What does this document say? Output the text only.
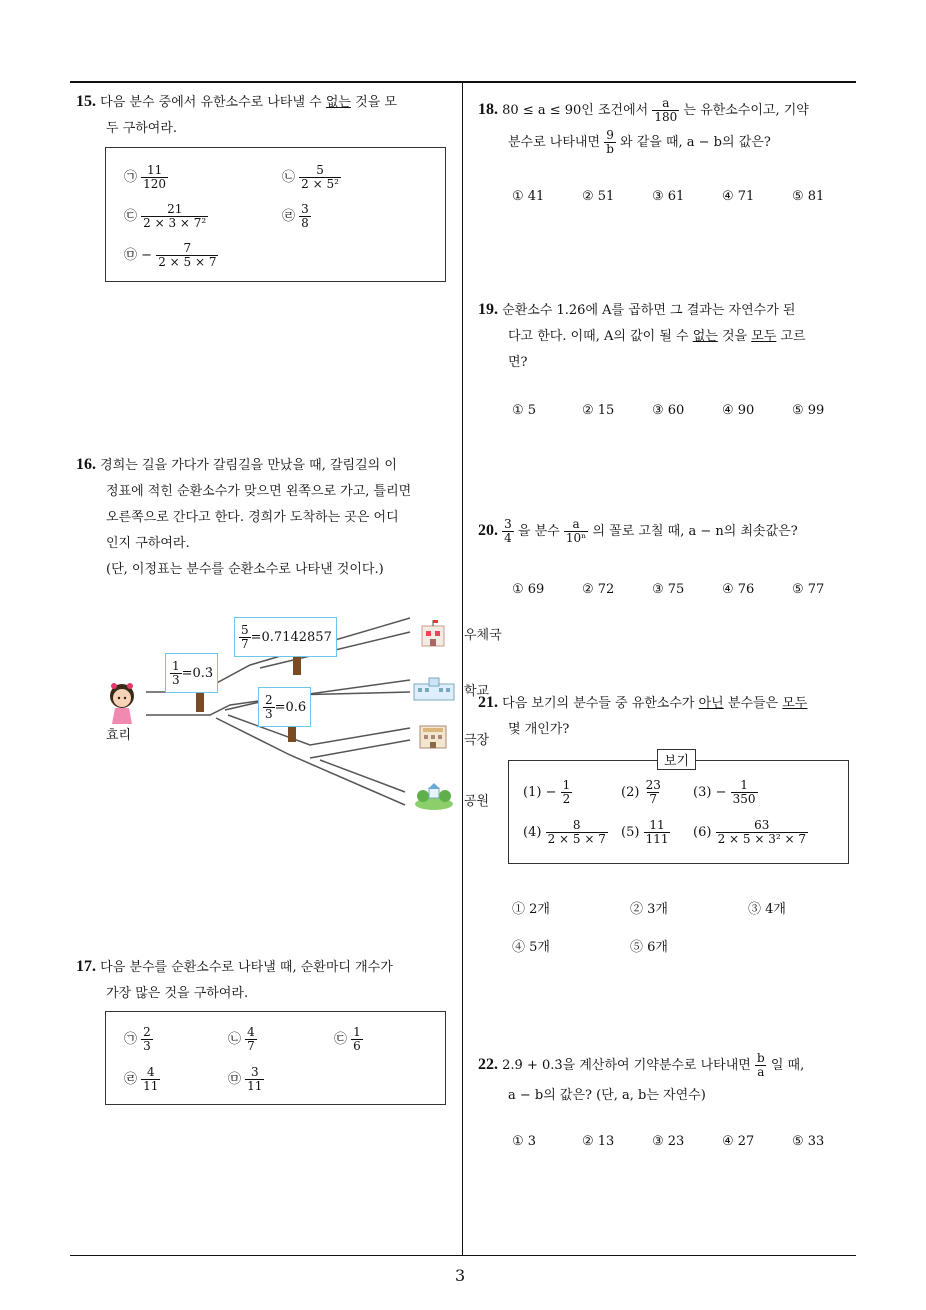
3
15. 다음 분수 중에서 유한소수로 나타낼 수 없는 것을 모
두 구하여라.
㉠ $\frac{11}{120}$	㉡ $\frac{5}{\text{2 × 5²}}$
㉢ $\frac{21}{\text{2 × 3 × 7²}}$	㉣ $\frac{3}{8}$
㉤ − $\frac{7}{2 \times 5 \times 7}$
16. 경희는 길을 가다가 갈림길을 만났을 때, 갈림길의 이
정표에 적힌 순환소수가 맞으면 왼쪽으로 가고, 틀리면
오른쪽으로 간다고 한다. 경희가 도착하는 곳은 어디
인지 구하여라.
(단, 이정표는 분수를 순환소수로 나타낸 것이다.)
$\frac{1}{3}$ =0.3̇
$\frac{5}{7}$ =0.7̇14285̇7
$\frac{2}{3}$ =0.6̇
효리
우체국
학교
극장
공원
17. 다음 분수를 순환소수로 나타낼 때, 순환마디 개수가
가장 많은 것을 구하여라.
㉠ $\frac{2}{3}$	㉡ $\frac{4}{7}$	㉢ $\frac{1}{6}$
㉣ $\frac{4}{11}$	㉤ $\frac{3}{11}$
18. 80 ≤ a ≤ 90인 조건에서 $\frac{a}{180}$ 는 유한소수이고, 기약
분수로 나타내면 $\frac{9}{b}$ 와 같을 때, a − b의 값은?
① 41	② 51	③ 61	④ 71	⑤ 81
19. 순환소수 1.2̇6̇에 A를 곱하면 그 결과는 자연수가 된
다고 한다. 이때, A의 값이 될 수 없는 것을 모두 고르
면?
① 5	② 15	③ 60	④ 90	⑤ 99
20. $\frac{3}{4}$ 을 분수 $\frac{a}{\text{10ⁿ}}$ 의 꼴로 고칠 때, a − n의 최솟값은?
① 69	② 72	③ 75	④ 76	⑤ 77
21. 다음 보기의 분수들 중 유한소수가 아닌 분수들은 모두
몇 개인가?
보기
$(1) - \frac{1}{2}$	$(2) \frac{23}{7} (3) - \frac{1}{350}$
$(4) \frac{8}{2 \times 5 \times 7} (5) \frac{11}{111} (6) \frac{63}{\text{2 × 5 × 3² × 7}}$
① 2개	② 3개	③ 4개
④ 5개	⑤ 6개
22. 2.9̇ + 0.3̇을 계산하여 기약분수로 나타내면 $\frac{b}{a}$ 일 때,
a − b의 값은? (단, a, b는 자연수)
① 3	② 13	③ 23	④ 27	⑤ 33
